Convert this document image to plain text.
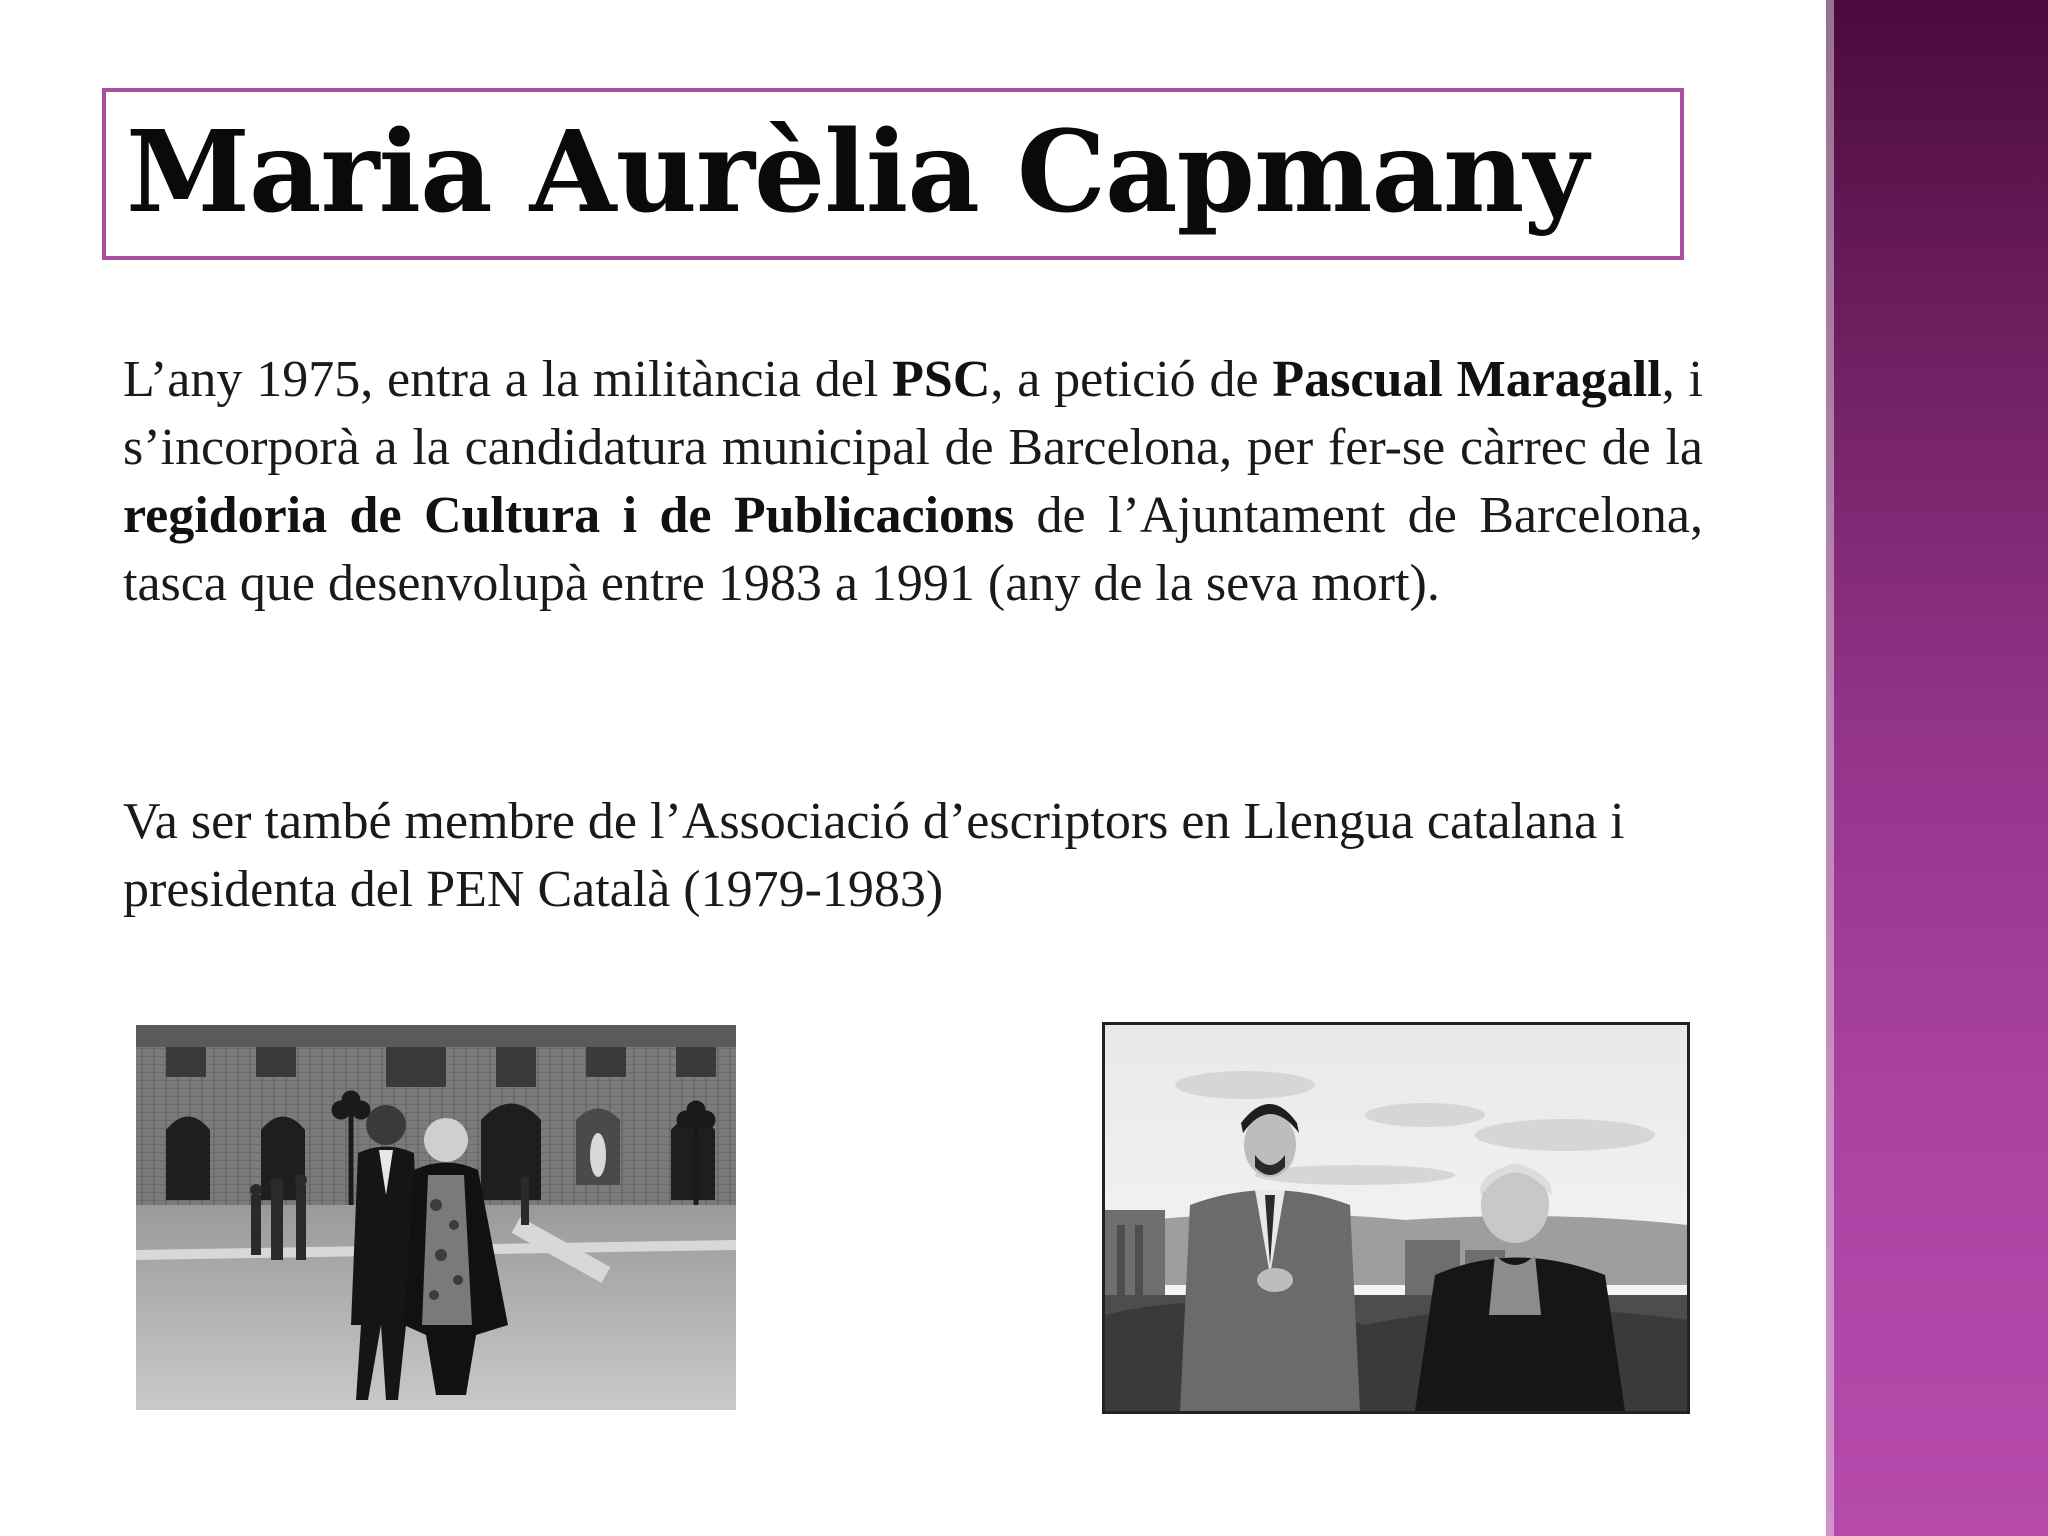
Maria Aurèlia Capmany

L’any 1975, entra a la militància del PSC, a petició de Pascual Maragall, i s’incorporà a la candidatura municipal de Barcelona, per fer-se càrrec de la regidoria de Cultura i de Publicacions de l’Ajuntament de Barcelona, tasca que desenvolupà entre 1983 a 1991 (any de la seva mort).

Va ser també membre de l’Associació d’escriptors en Llengua catalana i presidenta del PEN Català (1979-1983)
